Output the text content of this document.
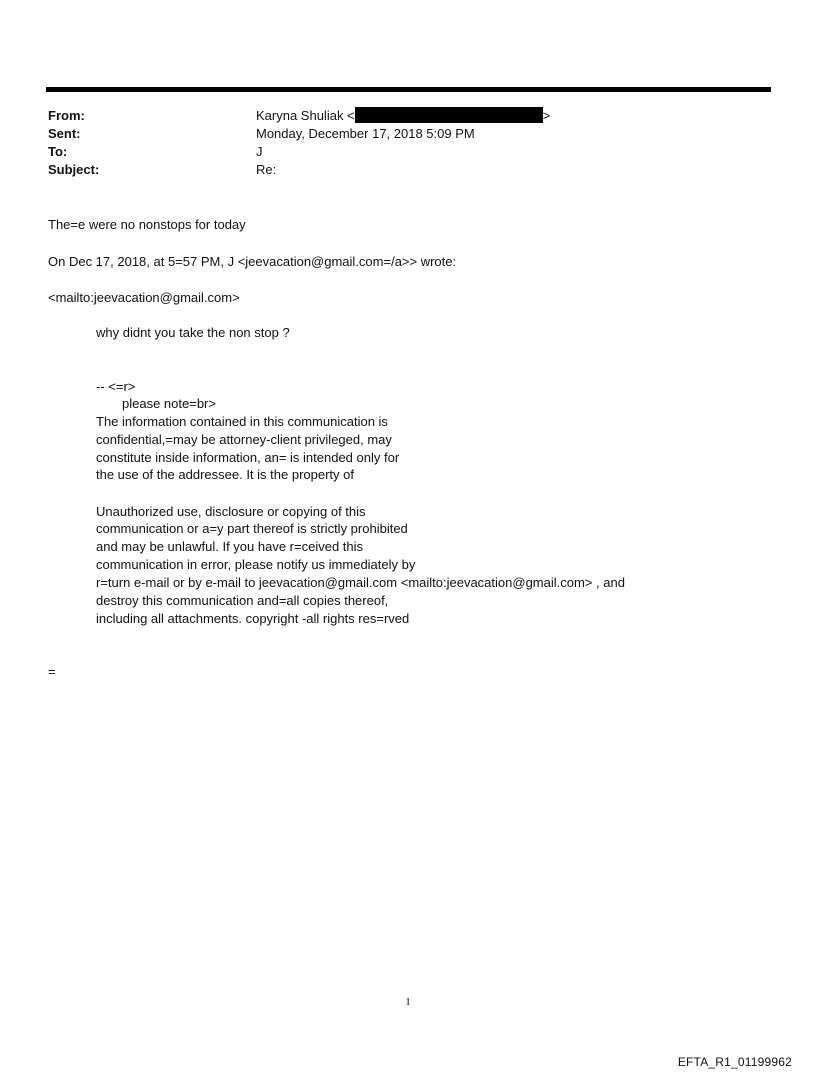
From:	Karyna Shuliak <	>
Sent:	Monday, December 17, 2018 5:09 PM
To:	J
Subject:	Re:
The=e were no nonstops for today
On Dec 17, 2018, at 5=57 PM, J <jeevacation@gmail.com=/a>> wrote:
<mailto:jeevacation@gmail.com>
why didnt you take the non stop ?
-- <=r>
please note=br>
The information contained in this communication is
confidential,=may be attorney-client privileged, may
constitute inside information, an= is intended only for
the use of the addressee. It is the property of
Unauthorized use, disclosure or copying of this
communication or a=y part thereof is strictly prohibited
and may be unlawful. If you have r=ceived this
communication in error, please notify us immediately by
r=turn e-mail or by e-mail to jeevacation@gmail.com <mailto:jeevacation@gmail.com> , and
destroy this communication and=all copies thereof,
including all attachments. copyright -all rights res=rved
=
1
EFTA_R1_01199962
